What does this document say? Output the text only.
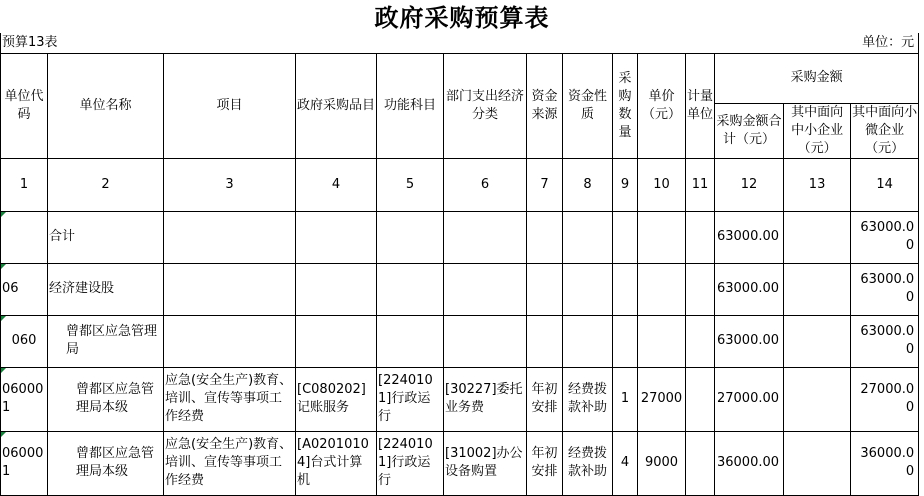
政府采购预算表
预算13表													单位：元
单位代码	单位名称	项目	政府采购品目	功能科目	部门支出经济分类	资金来源	资金性质	采购数量	单价（元）	计量单位	采购金额		
											采购金额合计（元）	其中面向中小企业（元）	其中面向小微企业（元）
1	2	3	4	5	6	7	8	9	10	11	12	13	14
	合计										63000.00		63000.00
06	经济建设股										63000.00		63000.00
060	曾都区应急管理局										63000.00		63000.00
060001	曾都区应急管理局本级	应急(安全生产)教育、培训、宣传等事项工作经费	[C080202]记账服务	[2240101]行政运行	[30227]委托业务费	年初安排	经费拨款补助	1	27000		27000.00		27000.00
060001	曾都区应急管理局本级	应急(安全生产)教育、培训、宣传等事项工作经费	[A02010104]台式计算机	[2240101]行政运行	[31002]办公设备购置	年初安排	经费拨款补助	4	9000		36000.00		36000.00
